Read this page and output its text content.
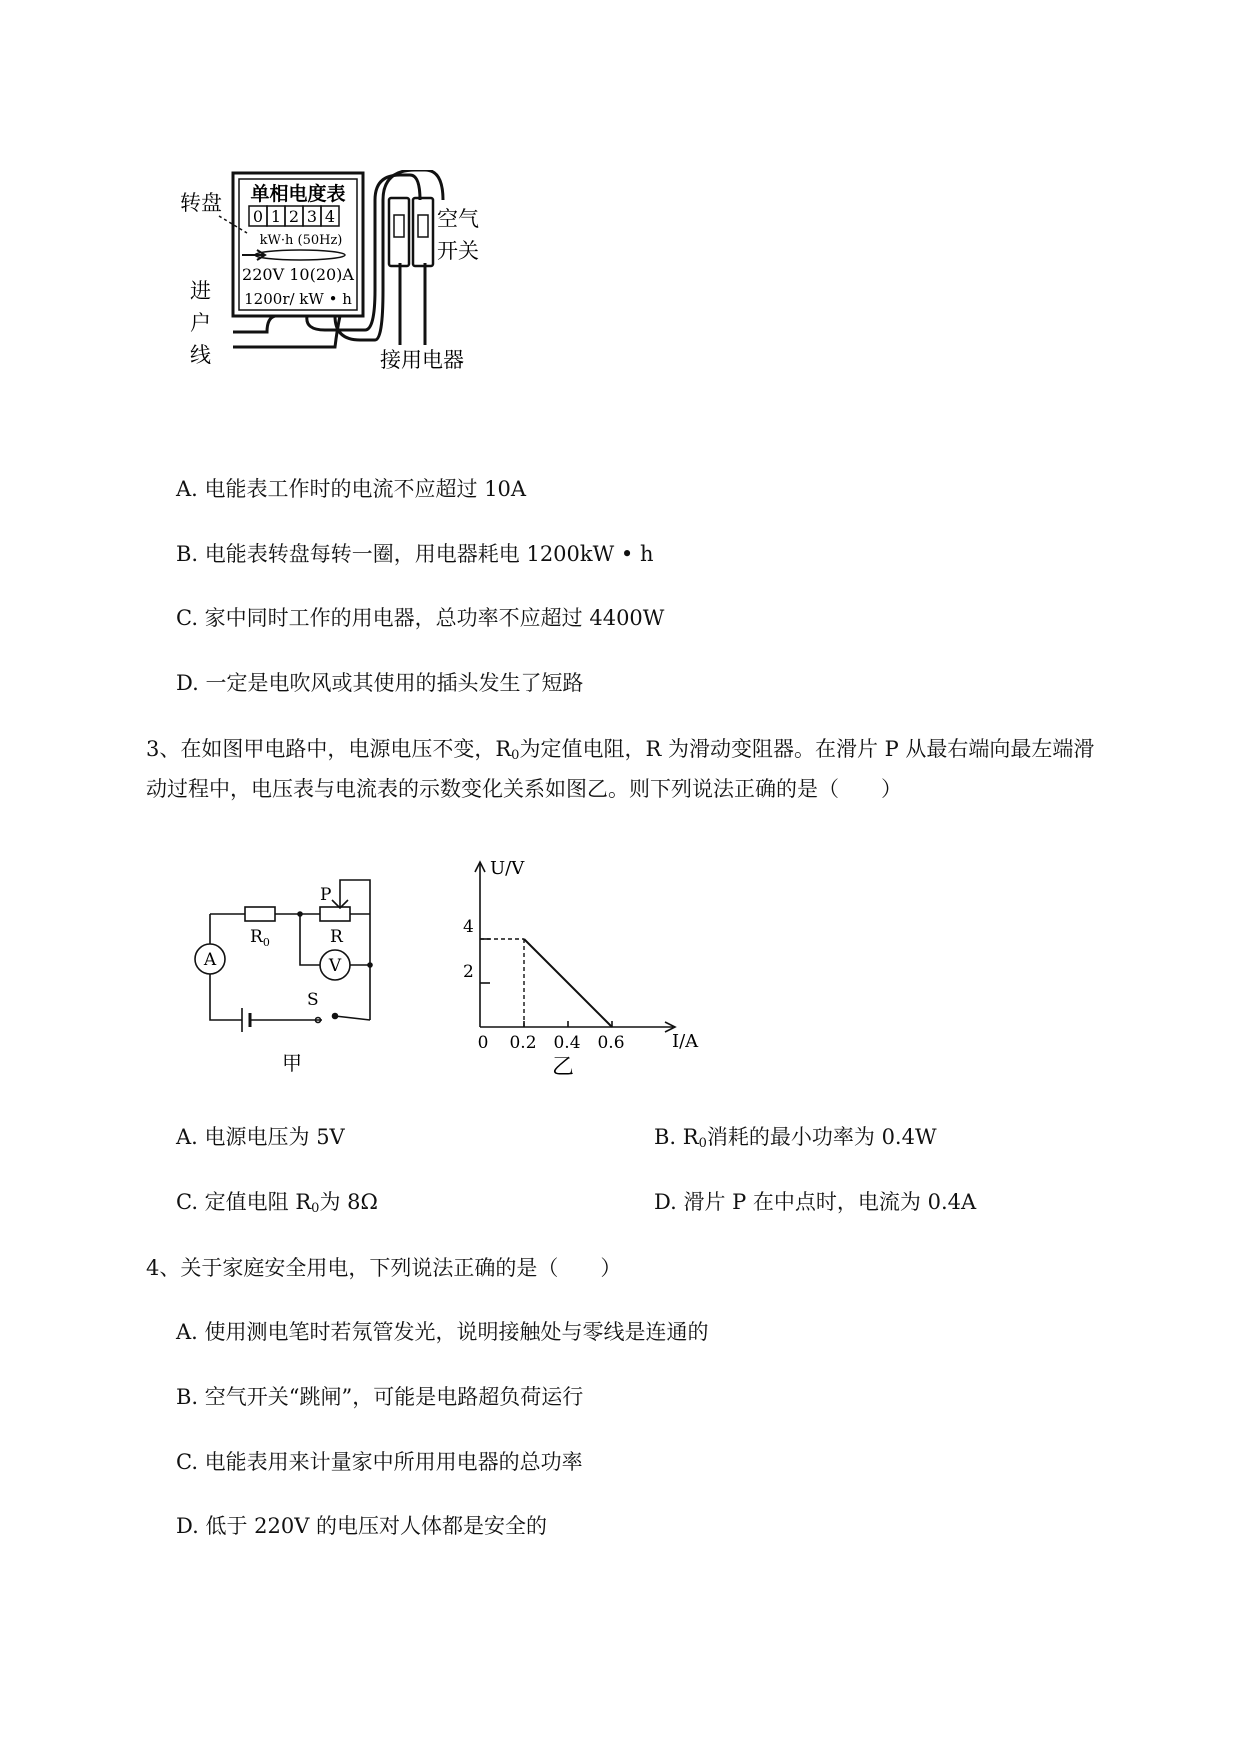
单相电度表
0 1 2 3 4
kW·h (50Hz)
220V 10(20)A
1200r/ kW • h
转盘
进
户
线
空气
开关
接用电器
A. 电能表工作时的电流不应超过 10A
B. 电能表转盘每转一圈，用电器耗电 1200kW • h
C. 家中同时工作的用电器，总功率不应超过 4400W
D. 一定是电吹风或其使用的插头发生了短路
3、在如图甲电路中，电源电压不变，$R_0$为定值电阻，R 为滑动变阻器。在滑片 P 从最右端向最左端滑
动过程中，电压表与电流表的示数变化关系如图乙。则下列说法正确的是（　　）
S
A
$R_0$	R
P
V
甲
U/V
I/A
0 0.2 0.4 0.6
2
4
乙
A. 电源电压为 5V	B. $R_0$消耗的最小功率为 0.4W
C. 定值电阻 $R_0$为 8Ω	D. 滑片 P 在中点时，电流为 0.4A
4、关于家庭安全用电，下列说法正确的是（　　）
A. 使用测电笔时若氖管发光，说明接触处与零线是连通的
B. 空气开关“跳闸”，可能是电路超负荷运行
C. 电能表用来计量家中所用用电器的总功率
D. 低于 220V 的电压对人体都是安全的
